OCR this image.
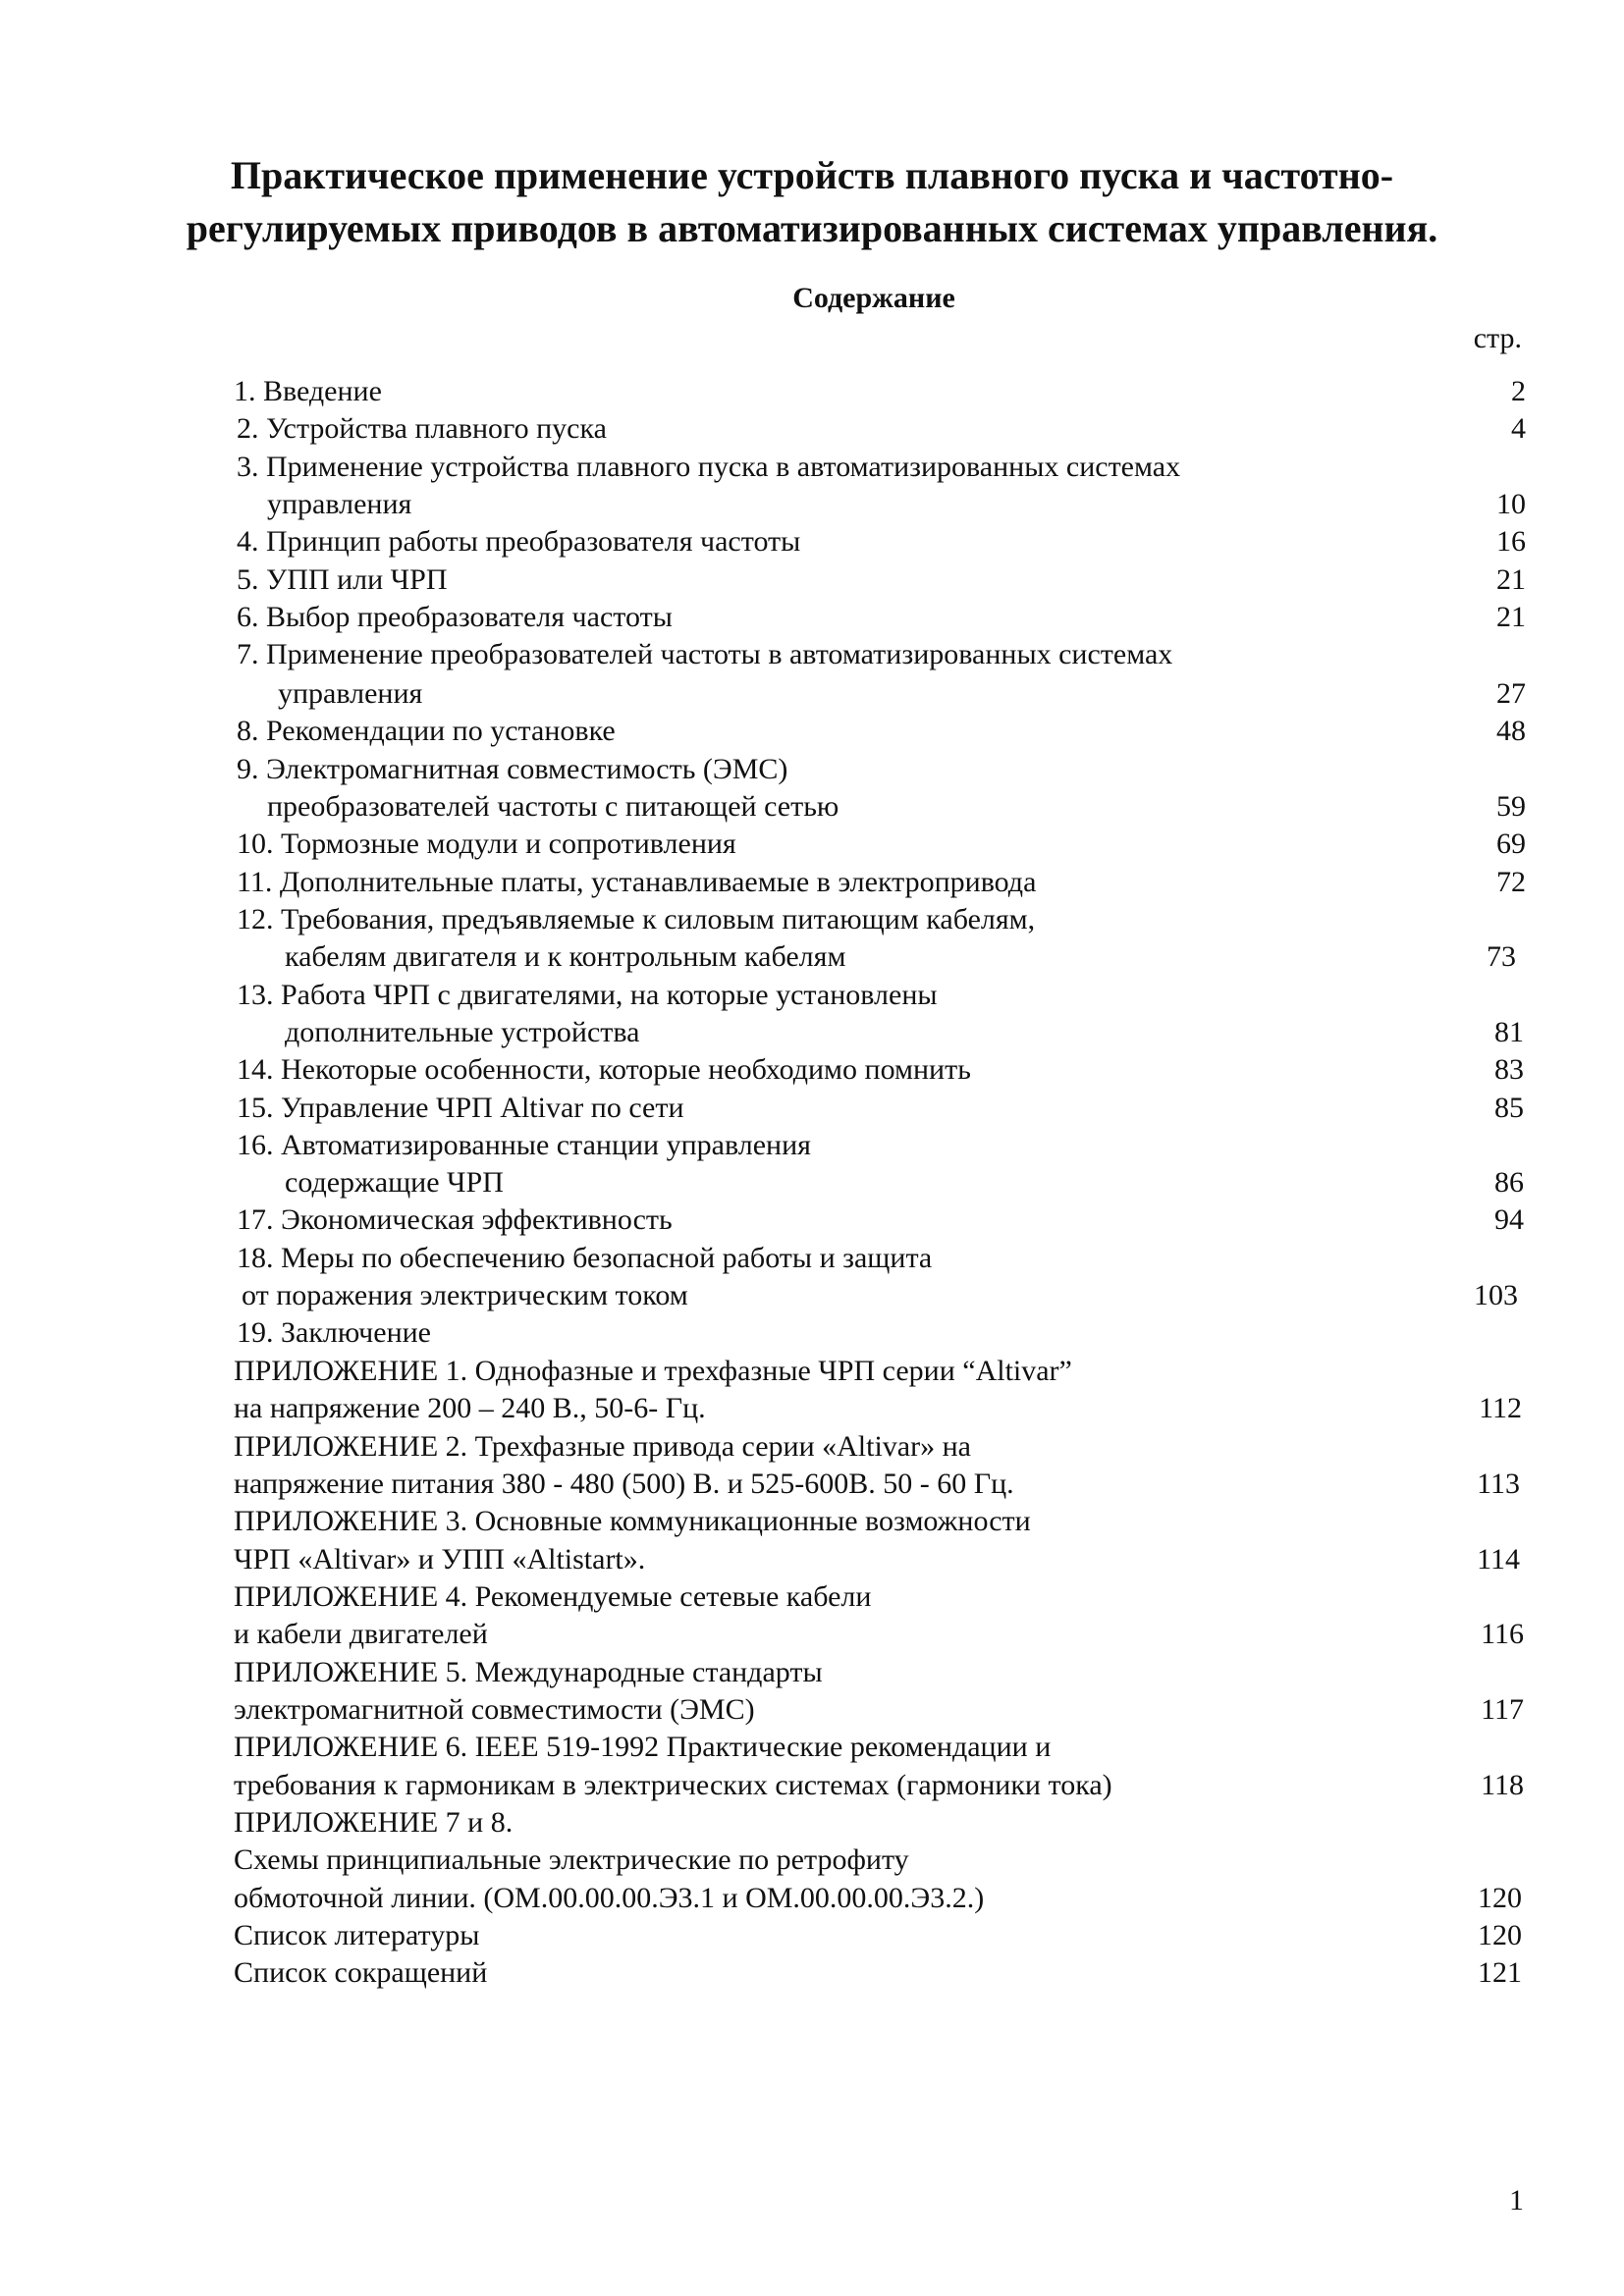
Практическое применение устройств плавного пуска и частотно-регулируемых приводов в автоматизированных системах управления.
Содержание
стр.
1. Введение	2
2. Устройства плавного пуска	4
3. Применение устройства плавного пуска в автоматизированных системах
управления	10
4. Принцип работы преобразователя частоты	16
5. УПП или ЧРП	21
6. Выбор преобразователя частоты	21
7. Применение преобразователей частоты в автоматизированных системах
управления	27
8. Рекомендации по установке	48
9. Электромагнитная совместимость (ЭМС)
преобразователей частоты с питающей сетью	59
10. Тормозные модули и сопротивления	69
11. Дополнительные платы, устанавливаемые в электропривода	72
12. Требования, предъявляемые к силовым питающим кабелям,
кабелям двигателя и к контрольным кабелям	73
13. Работа ЧРП с двигателями, на которые установлены
дополнительные устройства	81
14. Некоторые особенности, которые необходимо помнить	83
15. Управление ЧРП Altivar по сети	85
16. Автоматизированные станции управления
содержащие ЧРП	86
17. Экономическая эффективность	94
18. Меры по обеспечению безопасной работы и защита
от поражения электрическим током	103
19. Заключение
ПРИЛОЖЕНИЕ 1. Однофазные и трехфазные ЧРП серии “Altivar”
на напряжение 200 – 240 В., 50-6- Гц.	112
ПРИЛОЖЕНИЕ 2. Трехфазные привода серии «Altivar» на
напряжение питания 380 - 480 (500) В. и 525-600В. 50 - 60 Гц.	113
ПРИЛОЖЕНИЕ 3. Основные коммуникационные возможности
ЧРП «Altivar» и УПП «Altistart».	114
ПРИЛОЖЕНИЕ 4. Рекомендуемые сетевые кабели
и кабели двигателей	116
ПРИЛОЖЕНИЕ 5. Международные стандарты
электромагнитной совместимости (ЭМС)	117
ПРИЛОЖЕНИЕ 6. IEEE 519-1992 Практические рекомендации и
требования к гармоникам в электрических системах (гармоники тока)	118
ПРИЛОЖЕНИЕ 7 и 8.
Схемы принципиальные электрические по ретрофиту
обмоточной линии. (ОМ.00.00.00.Э3.1 и ОМ.00.00.00.Э3.2.)	120
Список литературы	120
Список сокращений	121
1
